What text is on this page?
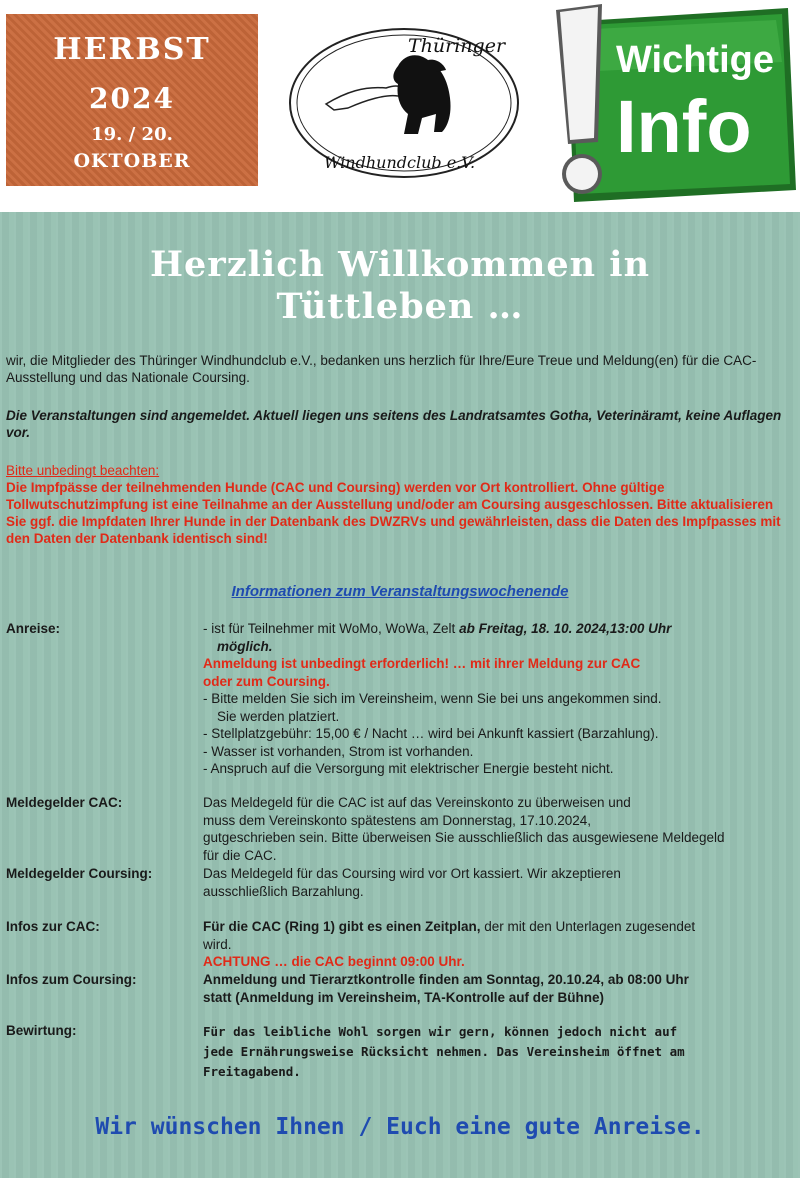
HERBST
2024
19. / 20.
OKTOBER
Thüringer
Windhundclub e.V.
Wichtige
Info
Herzlich Willkommen in
Tüttleben …
wir, die Mitglieder des Thüringer Windhundclub e.V., bedanken uns herzlich für Ihre/Eure Treue und Meldung(en) für die CAC-Ausstellung und das Nationale Coursing.
Die Veranstaltungen sind angemeldet. Aktuell liegen uns seitens des Landratsamtes Gotha, Veterinäramt, keine Auflagen vor.
Bitte unbedingt beachten:
Die Impfpässe der teilnehmenden Hunde (CAC und Coursing) werden vor Ort kontrolliert. Ohne gültige Tollwutschutzimpfung ist eine Teilnahme an der Ausstellung und/oder am Coursing ausgeschlossen. Bitte aktualisieren Sie ggf. die Impfdaten Ihrer Hunde in der Datenbank des DWZRVs und gewährleisten, dass die Daten des Impfpasses mit den Daten der Datenbank identisch sind!
Informationen zum Veranstaltungswochenende
Anreise:	- ist für Teilnehmer mit WoMo, WoWa, Zelt ab Freitag, 18. 10. 2024,13:00 Uhr
möglich.
Anmeldung ist unbedingt erforderlich! … mit ihrer Meldung zur CAC
oder zum Coursing.
- Bitte melden Sie sich im Vereinsheim, wenn Sie bei uns angekommen sind.
Sie werden platziert.
- Stellplatzgebühr: 15,00 € / Nacht … wird bei Ankunft kassiert (Barzahlung).
- Wasser ist vorhanden, Strom ist vorhanden.
- Anspruch auf die Versorgung mit elektrischer Energie besteht nicht.
Meldegelder CAC:	Das Meldegeld für die CAC ist auf das Vereinskonto zu überweisen und
muss dem Vereinskonto spätestens am Donnerstag, 17.10.2024,
gutgeschrieben sein. Bitte überweisen Sie ausschließlich das ausgewiesene Meldegeld
für die CAC.
Meldegelder Coursing:	Das Meldegeld für das Coursing wird vor Ort kassiert. Wir akzeptieren
ausschließlich Barzahlung.
Infos zur CAC:	Für die CAC (Ring 1) gibt es einen Zeitplan, der mit den Unterlagen zugesendet
wird.
ACHTUNG … die CAC beginnt 09:00 Uhr.
Infos zum Coursing:	Anmeldung und Tierarztkontrolle finden am Sonntag, 20.10.24, ab 08:00 Uhr
statt (Anmeldung im Vereinsheim, TA-Kontrolle auf der Bühne)
Bewirtung:	Für das leibliche Wohl sorgen wir gern, können jedoch nicht auf
jede Ernährungsweise Rücksicht nehmen. Das Vereinsheim öffnet am
Freitagabend.
Wir wünschen Ihnen / Euch eine gute Anreise.
